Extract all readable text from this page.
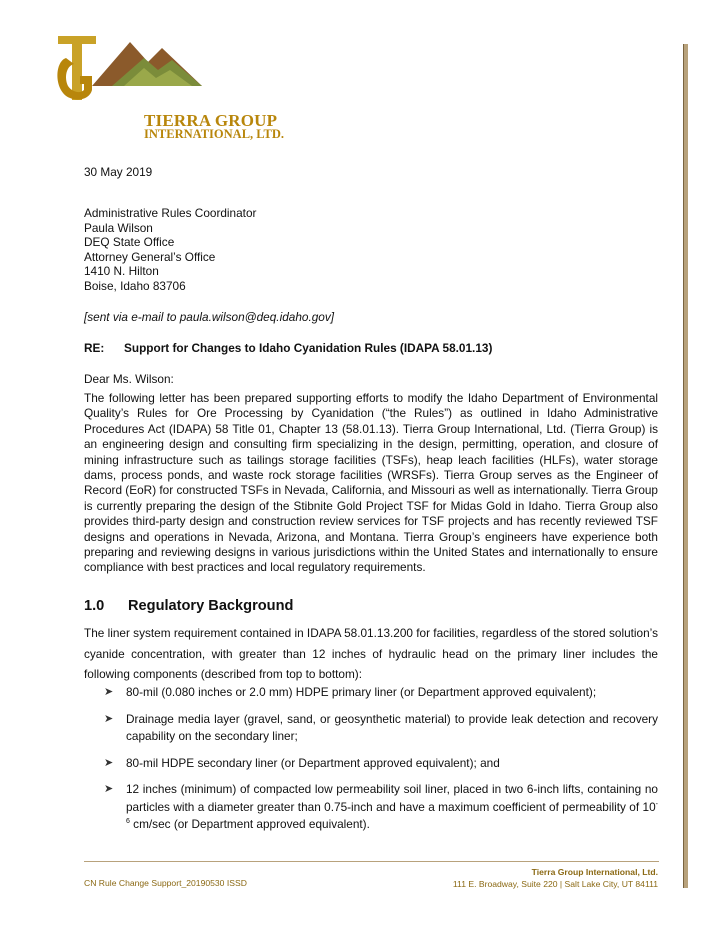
TIERRA GROUP
INTERNATIONAL, LTD.
30 May 2019
Administrative Rules Coordinator
Paula Wilson
DEQ State Office
Attorney General’s Office
1410 N. Hilton
Boise, Idaho 83706
[sent via e-mail to paula.wilson@deq.idaho.gov]
RE: Support for Changes to Idaho Cyanidation Rules (IDAPA 58.01.13)
Dear Ms. Wilson:
The following letter has been prepared supporting efforts to modify the Idaho Department of Environmental Quality’s Rules for Ore Processing by Cyanidation (“the Rules”) as outlined in Idaho Administrative Procedures Act (IDAPA) 58 Title 01, Chapter 13 (58.01.13). Tierra Group International, Ltd. (Tierra Group) is an engineering design and consulting firm specializing in the design, permitting, operation, and closure of mining infrastructure such as tailings storage facilities (TSFs), heap leach facilities (HLFs), water storage dams, process ponds, and waste rock storage facilities (WRSFs). Tierra Group serves as the Engineer of Record (EoR) for constructed TSFs in Nevada, California, and Missouri as well as internationally. Tierra Group is currently preparing the design of the Stibnite Gold Project TSF for Midas Gold in Idaho. Tierra Group also provides third-party design and construction review services for TSF projects and has recently reviewed TSF designs and operations in Nevada, Arizona, and Montana. Tierra Group’s engineers have experience both preparing and reviewing designs in various jurisdictions within the United States and internationally to ensure compliance with best practices and local regulatory requirements.
1.0 Regulatory Background
The liner system requirement contained in IDAPA 58.01.13.200 for facilities, regardless of the stored solution’s cyanide concentration, with greater than 12 inches of hydraulic head on the primary liner includes the following components (described from top to bottom):
➤ 80-mil (0.080 inches or 2.0 mm) HDPE primary liner (or Department approved equivalent);
➤ Drainage media layer (gravel, sand, or geosynthetic material) to provide leak detection and recovery capability on the secondary liner;
➤ 80-mil HDPE secondary liner (or Department approved equivalent); and
➤ 12 inches (minimum) of compacted low permeability soil liner, placed in two 6-inch lifts, containing no particles with a diameter greater than 0.75-inch and have a maximum coefficient of permeability of $10^{-6}$ cm/sec (or Department approved equivalent).
Tierra Group International, Ltd.
111 E. Broadway, Suite 220 | Salt Lake City, UT 84111
CN Rule Change Support_20190530 ISSD
